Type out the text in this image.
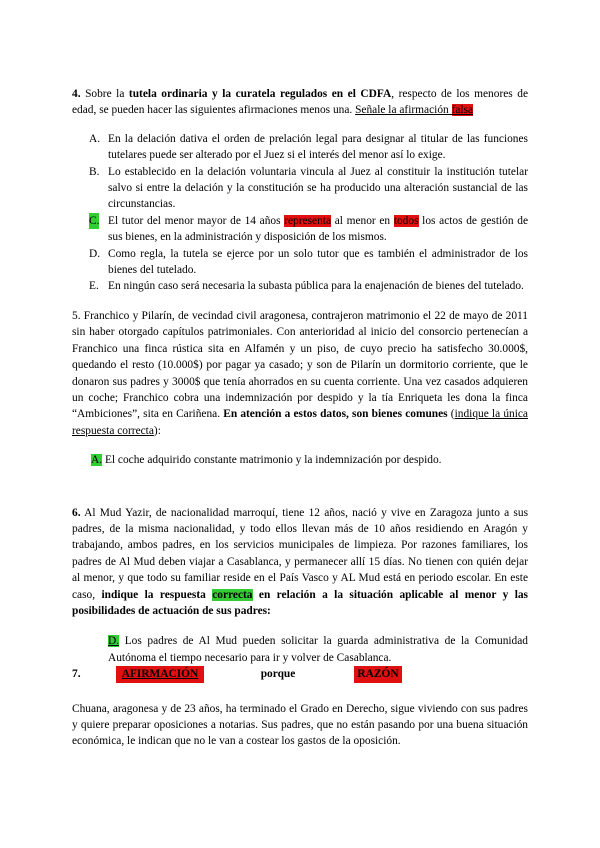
4. Sobre la tutela ordinaria y la curatela regulados en el CDFA, respecto de los menores de edad, se pueden hacer las siguientes afirmaciones menos una. Señale la afirmación falsa

A. En la delación dativa el orden de prelación legal para designar al titular de las funciones tutelares puede ser alterado por el Juez si el interés del menor así lo exige.
B. Lo establecido en la delación voluntaria vincula al Juez al constituir la institución tutelar salvo si entre la delación y la constitución se ha producido una alteración sustancial de las circunstancias.
C. El tutor del menor mayor de 14 años representa al menor en todos los actos de gestión de sus bienes, en la administración y disposición de los mismos.
D. Como regla, la tutela se ejerce por un solo tutor que es también el administrador de los bienes del tutelado.
E. En ningún caso será necesaria la subasta pública para la enajenación de bienes del tutelado.

5. Franchico y Pilarín, de vecindad civil aragonesa, contrajeron matrimonio el 22 de mayo de 2011 sin haber otorgado capítulos patrimoniales. Con anterioridad al inicio del consorcio pertenecían a Franchico una finca rústica sita en Alfamén y un piso, de cuyo precio ha satisfecho 30.000$, quedando el resto (10.000$) por pagar ya casado; y son de Pilarín un dormitorio corriente, que le donaron sus padres y 3000$ que tenía ahorrados en su cuenta corriente. Una vez casados adquieren un coche; Franchico cobra una indemnización por despido y la tía Enriqueta les dona la finca “Ambiciones”, sita en Cariñena. En atención a estos datos, son bienes comunes (indique la única respuesta correcta):

A. El coche adquirido constante matrimonio y la indemnización por despido.

6. Al Mud Yazir, de nacionalidad marroquí, tiene 12 años, nació y vive en Zaragoza junto a sus padres, de la misma nacionalidad, y todo ellos llevan más de 10 años residiendo en Aragón y trabajando, ambos padres, en los servicios municipales de limpieza. Por razones familiares, los padres de Al Mud deben viajar a Casablanca, y permanecer allí 15 días. No tienen con quién dejar al menor, y que todo su familiar reside en el País Vasco y AL Mud está en periodo escolar. En este caso, indique la respuesta correcta en relación a la situación aplicable al menor y las posibilidades de actuación de sus padres:

D. Los padres de Al Mud pueden solicitar la guarda administrativa de la Comunidad Autónoma el tiempo necesario para ir y volver de Casablanca.

7.	AFIRMACIÓN	porque	RAZÓN

Chuana, aragonesa y de 23 años, ha terminado el Grado en Derecho, sigue viviendo con sus padres y quiere preparar oposiciones a notarias. Sus padres, que no están pasando por una buena situación económica, le indican que no le van a costear los gastos de la oposición.
